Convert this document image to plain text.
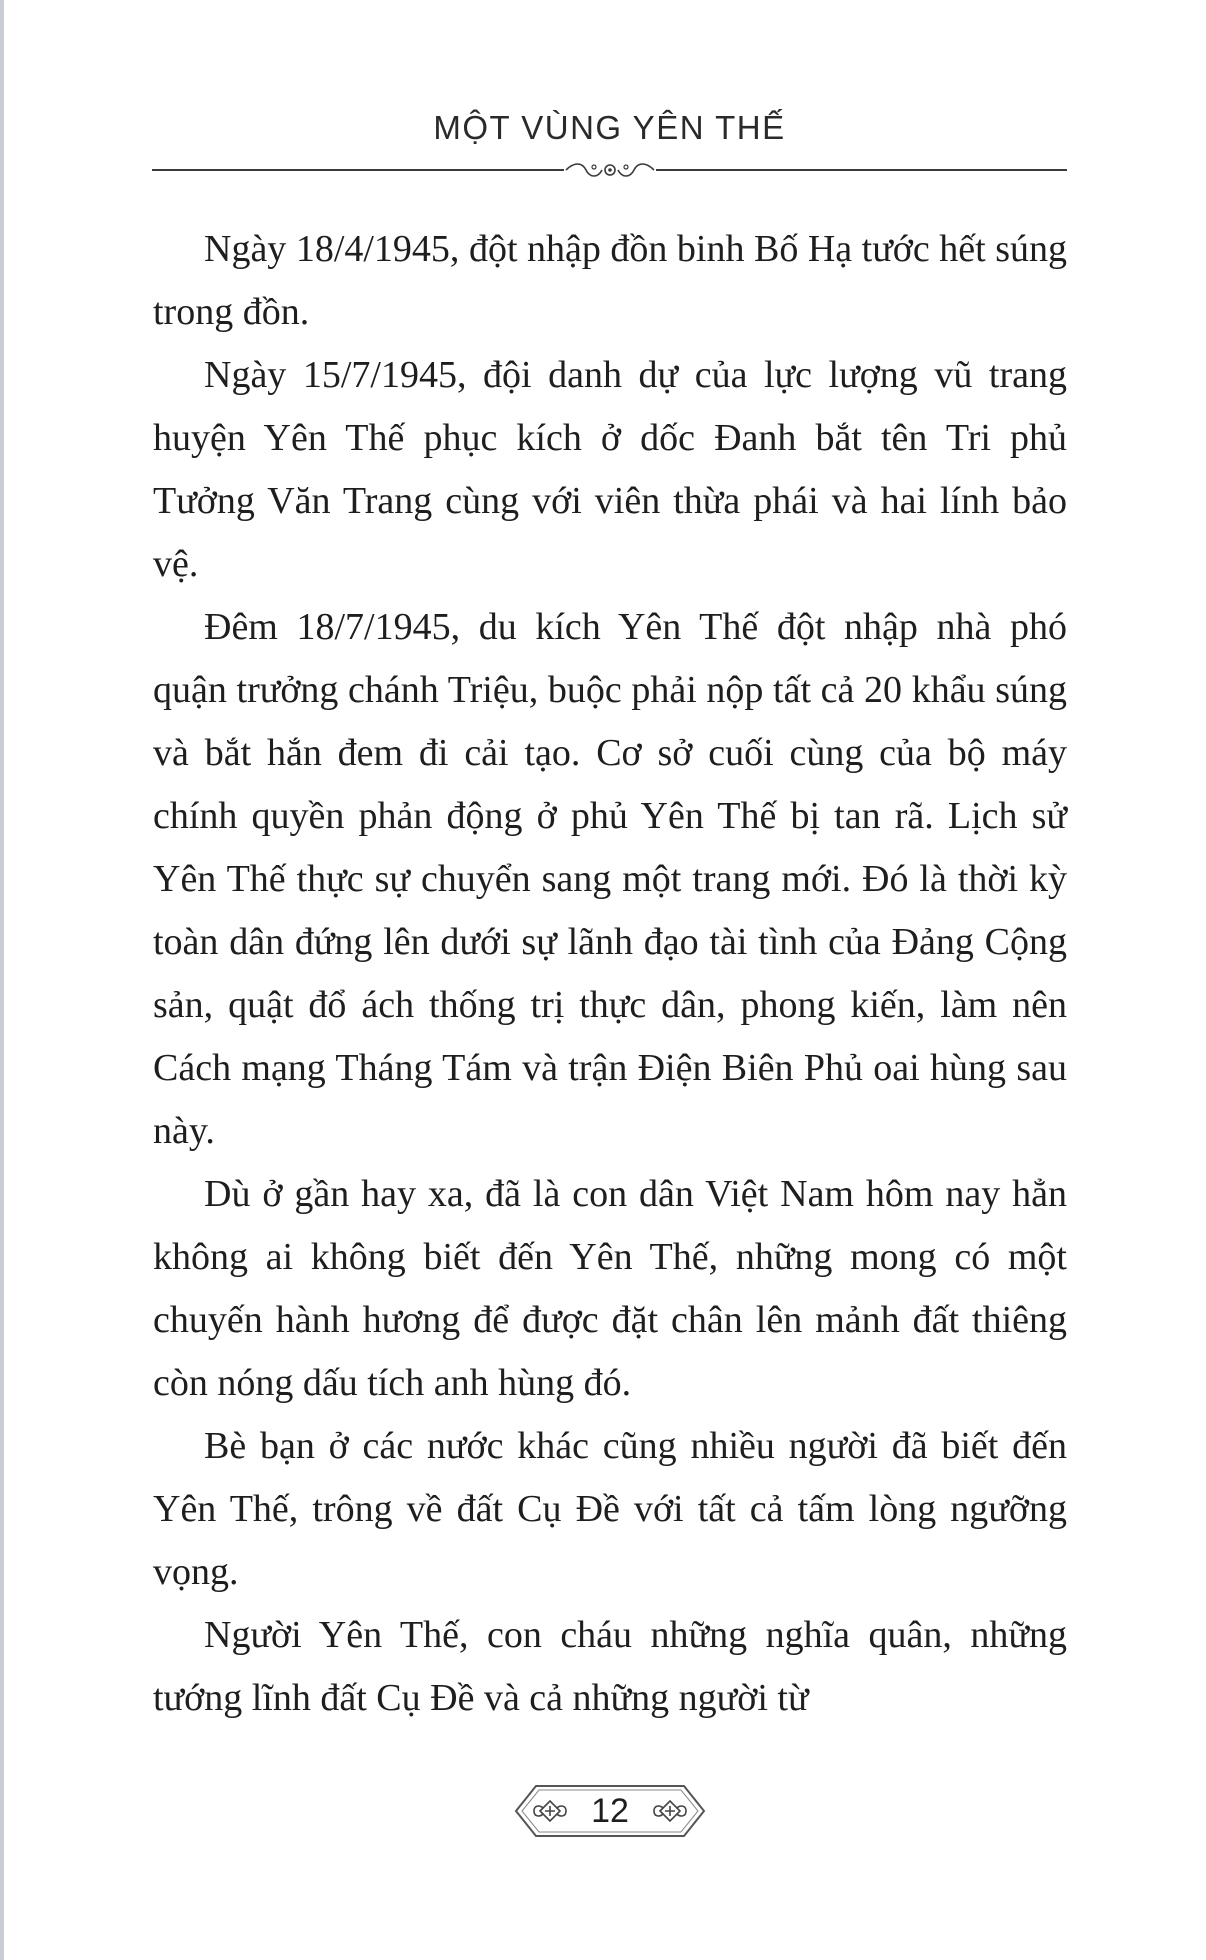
MỘT VÙNG YÊN THẾ

Ngày 18/4/1945, đột nhập đồn binh Bố Hạ tước hết súng trong đồn.

Ngày 15/7/1945, đội danh dự của lực lượng vũ trang huyện Yên Thế phục kích ở dốc Đanh bắt tên Tri phủ Tưởng Văn Trang cùng với viên thừa phái và hai lính bảo vệ.

Đêm 18/7/1945, du kích Yên Thế đột nhập nhà phó quận trưởng chánh Triệu, buộc phải nộp tất cả 20 khẩu súng và bắt hắn đem đi cải tạo. Cơ sở cuối cùng của bộ máy chính quyền phản động ở phủ Yên Thế bị tan rã. Lịch sử Yên Thế thực sự chuyển sang một trang mới. Đó là thời kỳ toàn dân đứng lên dưới sự lãnh đạo tài tình của Đảng Cộng sản, quật đổ ách thống trị thực dân, phong kiến, làm nên Cách mạng Tháng Tám và trận Điện Biên Phủ oai hùng sau này.

Dù ở gần hay xa, đã là con dân Việt Nam hôm nay hẳn không ai không biết đến Yên Thế, những mong có một chuyến hành hương để được đặt chân lên mảnh đất thiêng còn nóng dấu tích anh hùng đó.

Bè bạn ở các nước khác cũng nhiều người đã biết đến Yên Thế, trông về đất Cụ Đề với tất cả tấm lòng ngưỡng vọng.

Người Yên Thế, con cháu những nghĩa quân, những tướng lĩnh đất Cụ Đề và cả những người từ

12
